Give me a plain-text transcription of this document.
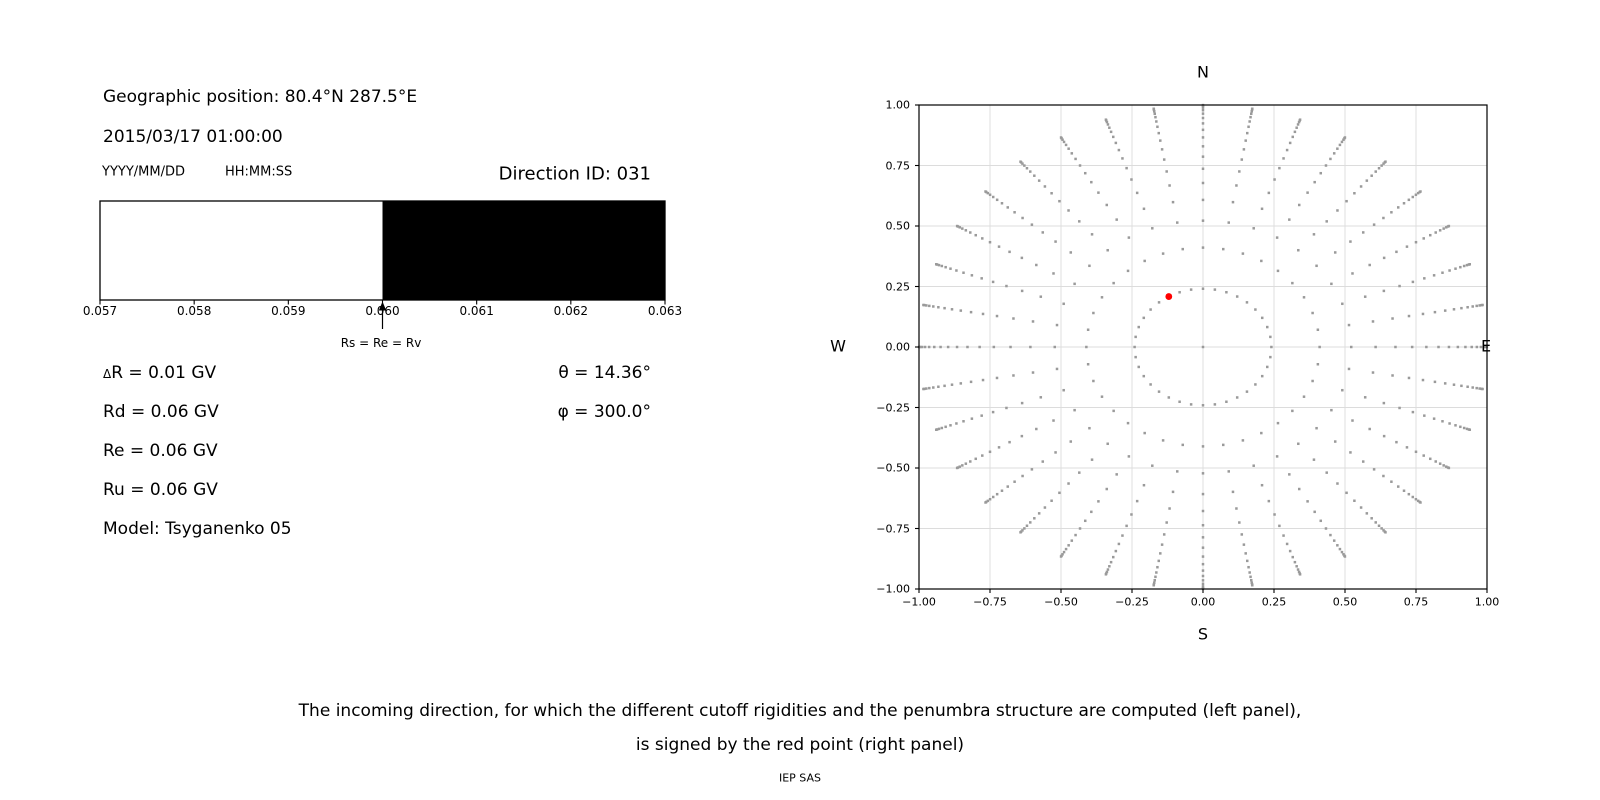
Geographic position: 80.4°N 287.5°E
2015/03/17 01:00:00
YYYY/MM/DD	HH:MM:SS	Direction ID: 031
0.057	0.058	0.059	0.060	0.061	0.062	0.063
Rs = Re = Rv
ΔR = 0.01 GV
Rd = 0.06 GV
Re = 0.06 GV
Ru = 0.06 GV
Model: Tsyganenko 05
θ = 14.36°
φ = 300.0°
N
S
W	E
−1.00	−0.75	−0.50	−0.25	0.00	0.25	0.50	0.75	1.00
−1.00
−0.75
−0.50
−0.25
0.00
0.25
0.50
0.75
1.00
The incoming direction, for which the different cutoff rigidities and the penumbra structure are computed (left panel),
is signed by the red point (right panel)
IEP SAS
